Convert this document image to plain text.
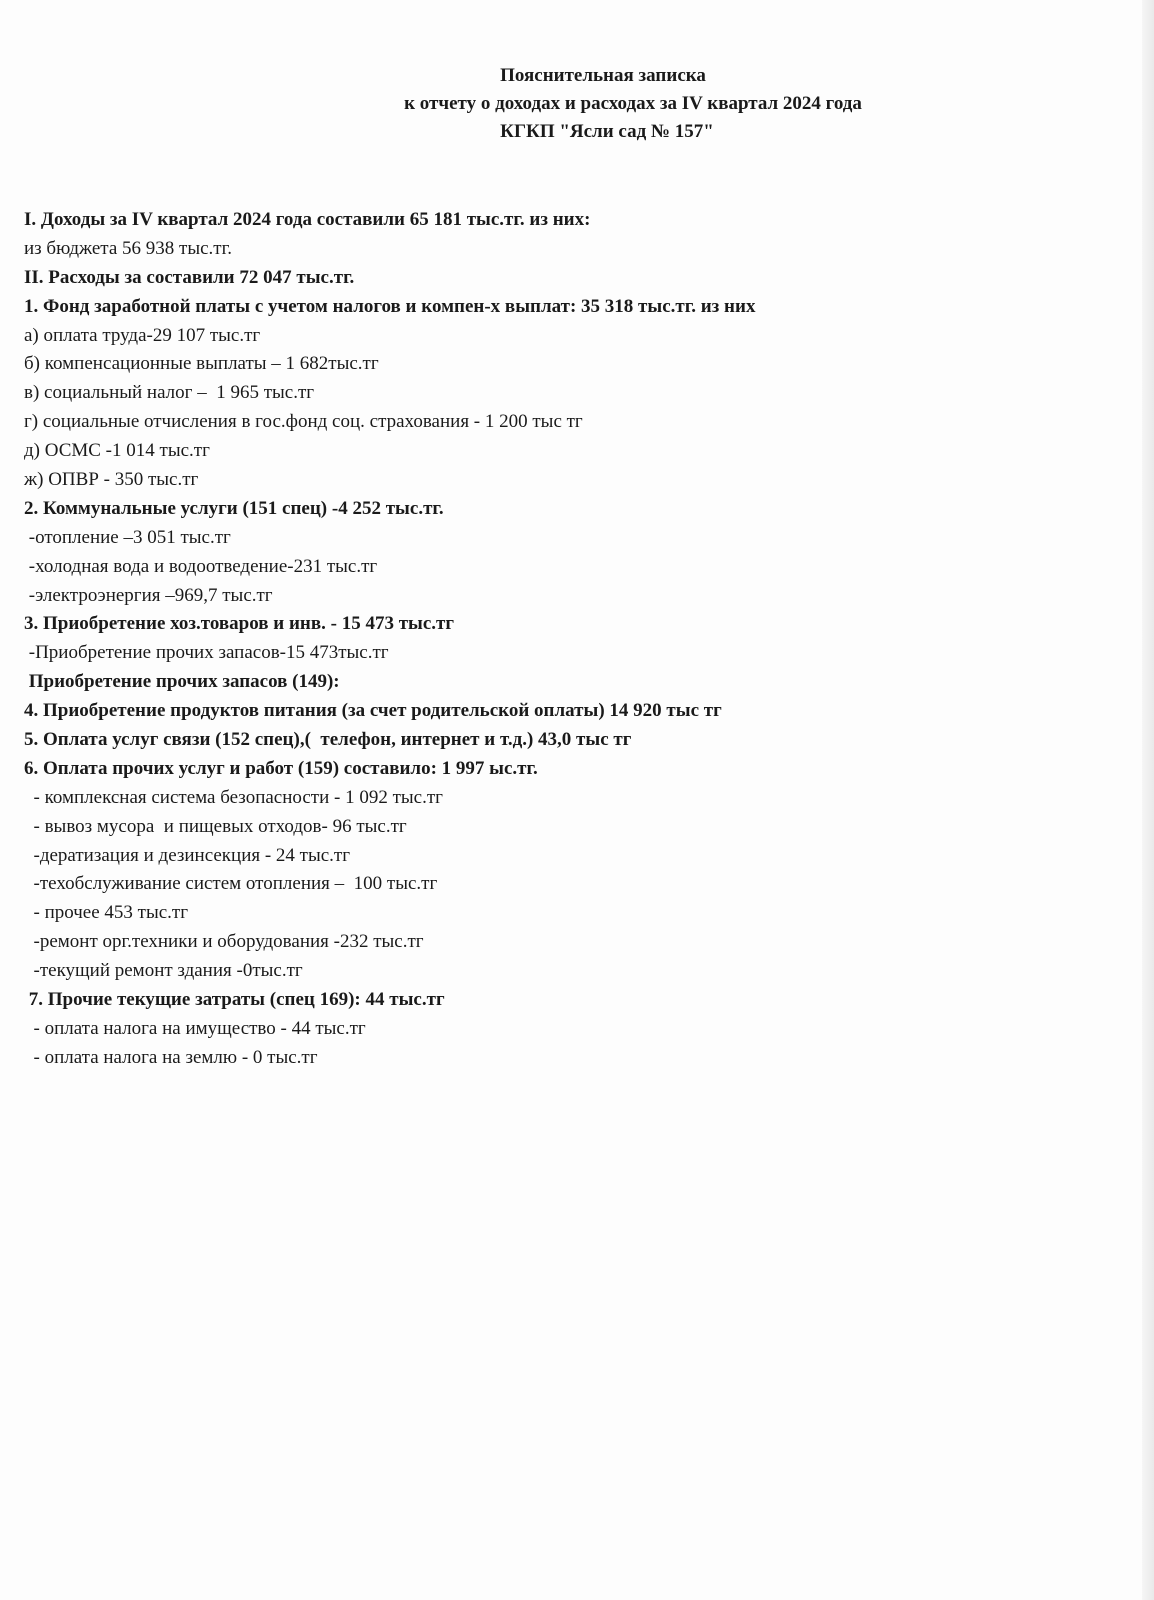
Пояснительная записка
к отчету о доходах и расходах за IV квартал 2024 года
КГКП "Ясли сад № 157"
I. Доходы за IV квартал 2024 года составили 65 181 тыс.тг. из них:
из бюджета 56 938 тыс.тг.
II. Расходы за составили 72 047 тыс.тг.
1. Фонд заработной платы с учетом налогов и компен-х выплат: 35 318 тыс.тг. из них
а) оплата труда-29 107 тыс.тг
б) компенсационные выплаты – 1 682тыс.тг
в) социальный налог –  1 965 тыс.тг
г) социальные отчисления в гос.фонд соц. страхования - 1 200 тыс тг
д) ОСМС -1 014 тыс.тг
ж) ОПВР - 350 тыс.тг
2. Коммунальные услуги (151 спец) -4 252 тыс.тг.
-отопление –3 051 тыс.тг
-холодная вода и водоотведение-231 тыс.тг
-электроэнергия –969,7 тыс.тг
3. Приобретение хоз.товаров и инв. - 15 473 тыс.тг
-Приобретение прочих запасов-15 473тыс.тг
Приобретение прочих запасов (149):
4. Приобретение продуктов питания (за счет родительской оплаты) 14 920 тыс тг
5. Оплата услуг связи (152 спец),(  телефон, интернет и т.д.) 43,0 тыс тг
6. Оплата прочих услуг и работ (159) составило: 1 997 ыс.тг.
- комплексная система безопасности - 1 092 тыс.тг
- вывоз мусора  и пищевых отходов- 96 тыс.тг
-дератизация и дезинсекция - 24 тыс.тг
-техобслуживание систем отопления –  100 тыс.тг
- прочее 453 тыс.тг
-ремонт орг.техники и оборудования -232 тыс.тг
-текущий ремонт здания -0тыс.тг
7. Прочие текущие затраты (спец 169): 44 тыс.тг
- оплата налога на имущество - 44 тыс.тг
- оплата налога на землю - 0 тыс.тг
